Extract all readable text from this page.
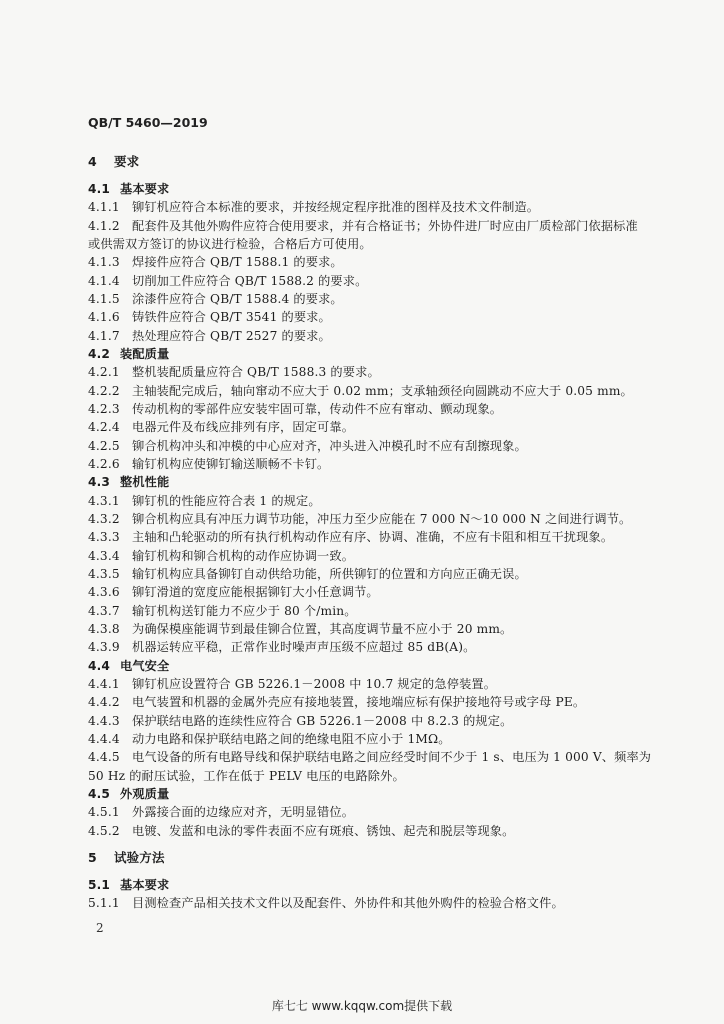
QB/T 5460—2019
4 要求
4.1 基本要求
4.1.1 铆钉机应符合本标准的要求，并按经规定程序批准的图样及技术文件制造。
4.1.2 配套件及其他外购件应符合使用要求，并有合格证书；外协件进厂时应由厂质检部门依据标准
或供需双方签订的协议进行检验，合格后方可使用。
4.1.3 焊接件应符合 QB/T 1588.1 的要求。
4.1.4 切削加工件应符合 QB/T 1588.2 的要求。
4.1.5 涂漆件应符合 QB/T 1588.4 的要求。
4.1.6 铸铁件应符合 QB/T 3541 的要求。
4.1.7 热处理应符合 QB/T 2527 的要求。
4.2 装配质量
4.2.1 整机装配质量应符合 QB/T 1588.3 的要求。
4.2.2 主轴装配完成后，轴向窜动不应大于 0.02 mm；支承轴颈径向圆跳动不应大于 0.05 mm。
4.2.3 传动机构的零部件应安装牢固可靠，传动件不应有窜动、颤动现象。
4.2.4 电器元件及布线应排列有序，固定可靠。
4.2.5 铆合机构冲头和冲模的中心应对齐，冲头进入冲模孔时不应有刮擦现象。
4.2.6 输钉机构应使铆钉输送顺畅不卡钉。
4.3 整机性能
4.3.1 铆钉机的性能应符合表 1 的规定。
4.3.2 铆合机构应具有冲压力调节功能，冲压力至少应能在 7 000 N～10 000 N 之间进行调节。
4.3.3 主轴和凸轮驱动的所有执行机构动作应有序、协调、准确，不应有卡阻和相互干扰现象。
4.3.4 输钉机构和铆合机构的动作应协调一致。
4.3.5 输钉机构应具备铆钉自动供给功能，所供铆钉的位置和方向应正确无误。
4.3.6 铆钉滑道的宽度应能根据铆钉大小任意调节。
4.3.7 输钉机构送钉能力不应少于 80 个/min。
4.3.8 为确保模座能调节到最佳铆合位置，其高度调节量不应小于 20 mm。
4.3.9 机器运转应平稳，正常作业时噪声声压级不应超过 85 dB(A)。
4.4 电气安全
4.4.1 铆钉机应设置符合 GB 5226.1－2008 中 10.7 规定的急停装置。
4.4.2 电气装置和机器的金属外壳应有接地装置，接地端应标有保护接地符号或字母 PE。
4.4.3 保护联结电路的连续性应符合 GB 5226.1－2008 中 8.2.3 的规定。
4.4.4 动力电路和保护联结电路之间的绝缘电阻不应小于 1MΩ。
4.4.5 电气设备的所有电路导线和保护联结电路之间应经受时间不少于 1 s、电压为 1 000 V、频率为
50 Hz 的耐压试验，工作在低于 PELV 电压的电路除外。
4.5 外观质量
4.5.1 外露接合面的边缘应对齐，无明显错位。
4.5.2 电镀、发蓝和电泳的零件表面不应有斑痕、锈蚀、起壳和脱层等现象。
5 试验方法
5.1 基本要求
5.1.1 目测检查产品相关技术文件以及配套件、外协件和其他外购件的检验合格文件。
2
库七七 www.kqqw.com提供下载
